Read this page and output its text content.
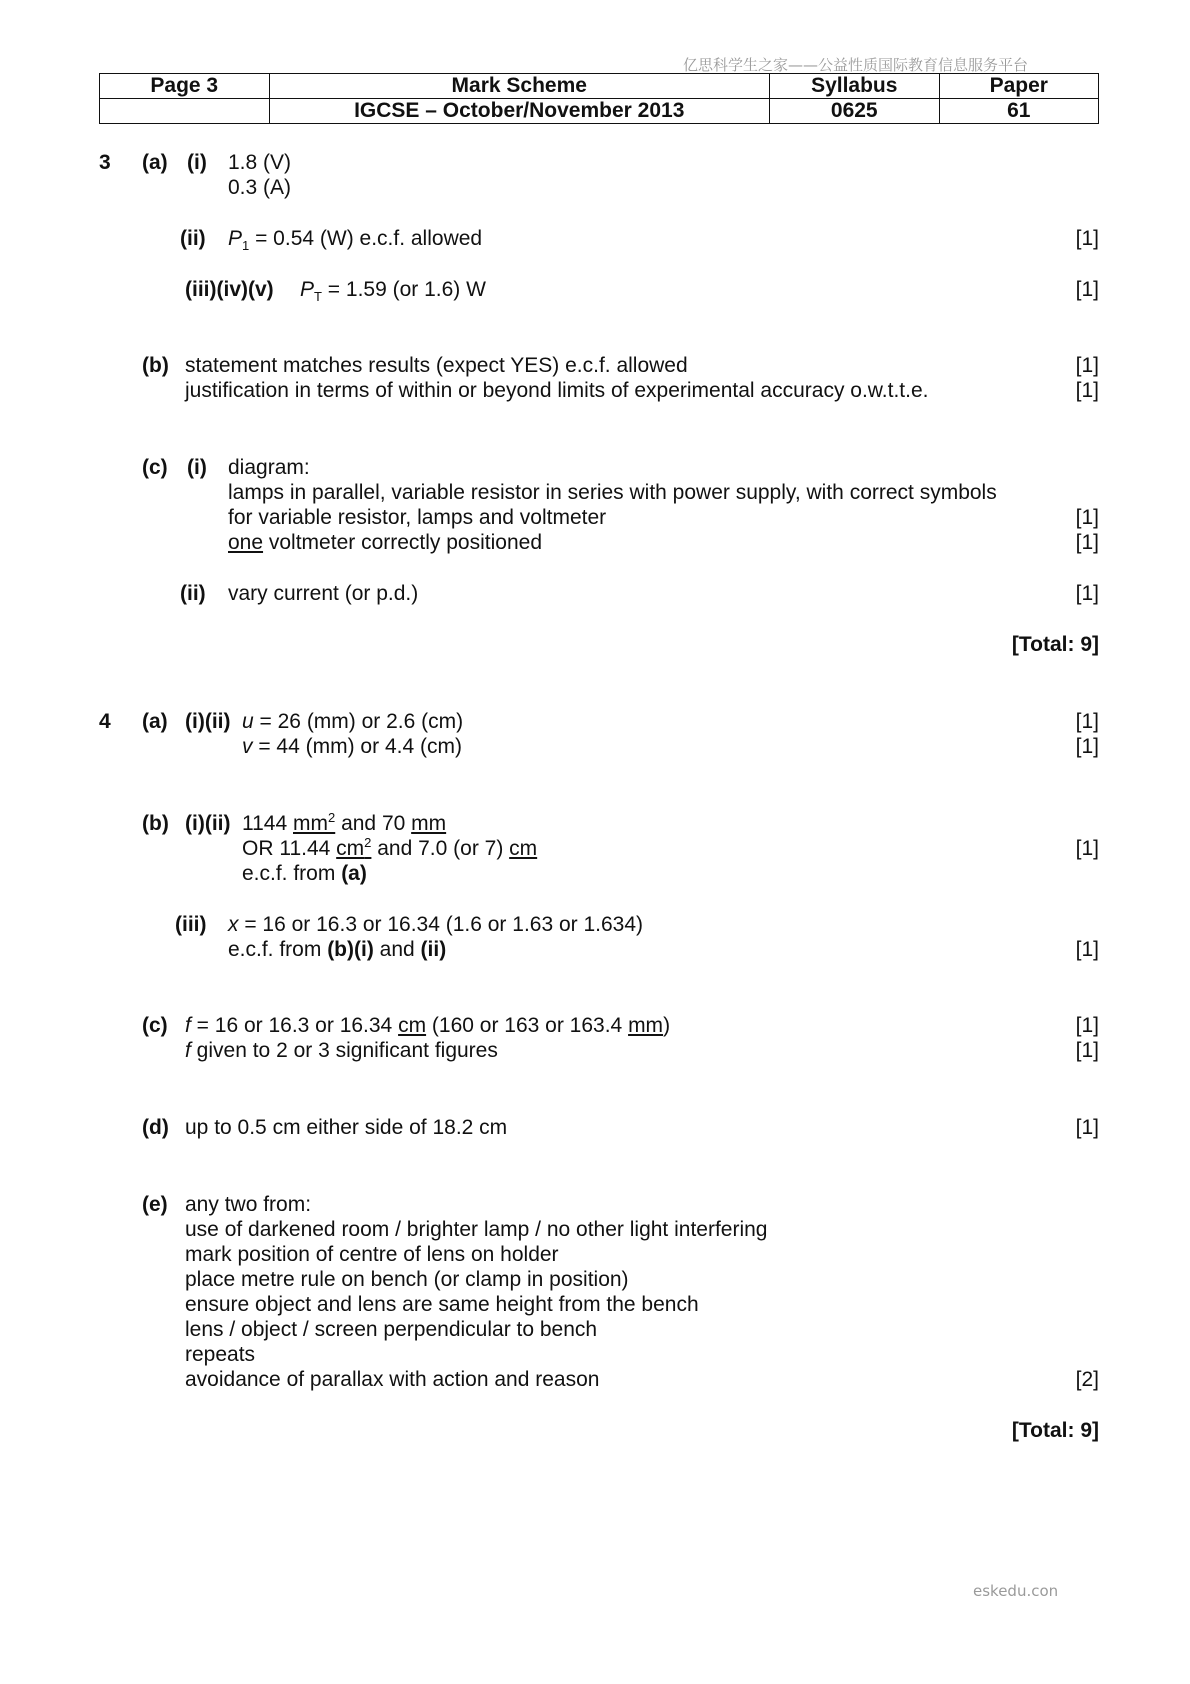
亿思科学生之家——公益性质国际教育信息服务平台
eskedu.con
Page 3	Mark Scheme	Syllabus	Paper
	IGCSE – October/November 2013	0625	61
3 (a) (i) 1.8 (V)
0.3 (A)
(ii) $P_1 = 0.54$ (W) e.c.f. allowed	[1]
(iii)(iv)(v) $P_T = 1.59$ (or 1.6) W	[1]
(b) statement matches results (expect YES) e.c.f. allowed	[1]
justification in terms of within or beyond limits of experimental accuracy o.w.t.t.e.	[1]
(c) (i) diagram:
lamps in parallel, variable resistor in series with power supply, with correct symbols
for variable resistor, lamps and voltmeter	[1]
one voltmeter correctly positioned	[1]
(ii) vary current (or p.d.)	[1]
[Total: 9]
4 (a) (i)(ii) u = 26 (mm) or 2.6 (cm)	[1]
v = 44 (mm) or 4.4 (cm)	[1]
(b) (i)(ii) 1144 $mm^2$ and 70 mm
OR 11.44 $cm^2$ and 7.0 (or 7) cm	[1]
e.c.f. from (a)
(iii) x = 16 or 16.3 or 16.34 (1.6 or 1.63 or 1.634)
e.c.f. from (b)(i) and (ii)	[1]
(c) f = 16 or 16.3 or 16.34 cm (160 or 163 or 163.4 mm)	[1]
f given to 2 or 3 significant figures	[1]
(d) up to 0.5 cm either side of 18.2 cm	[1]
(e) any two from:
use of darkened room / brighter lamp / no other light interfering
mark position of centre of lens on holder
place metre rule on bench (or clamp in position)
ensure object and lens are same height from the bench
lens / object / screen perpendicular to bench
repeats
avoidance of parallax with action and reason	[2]
[Total: 9]
